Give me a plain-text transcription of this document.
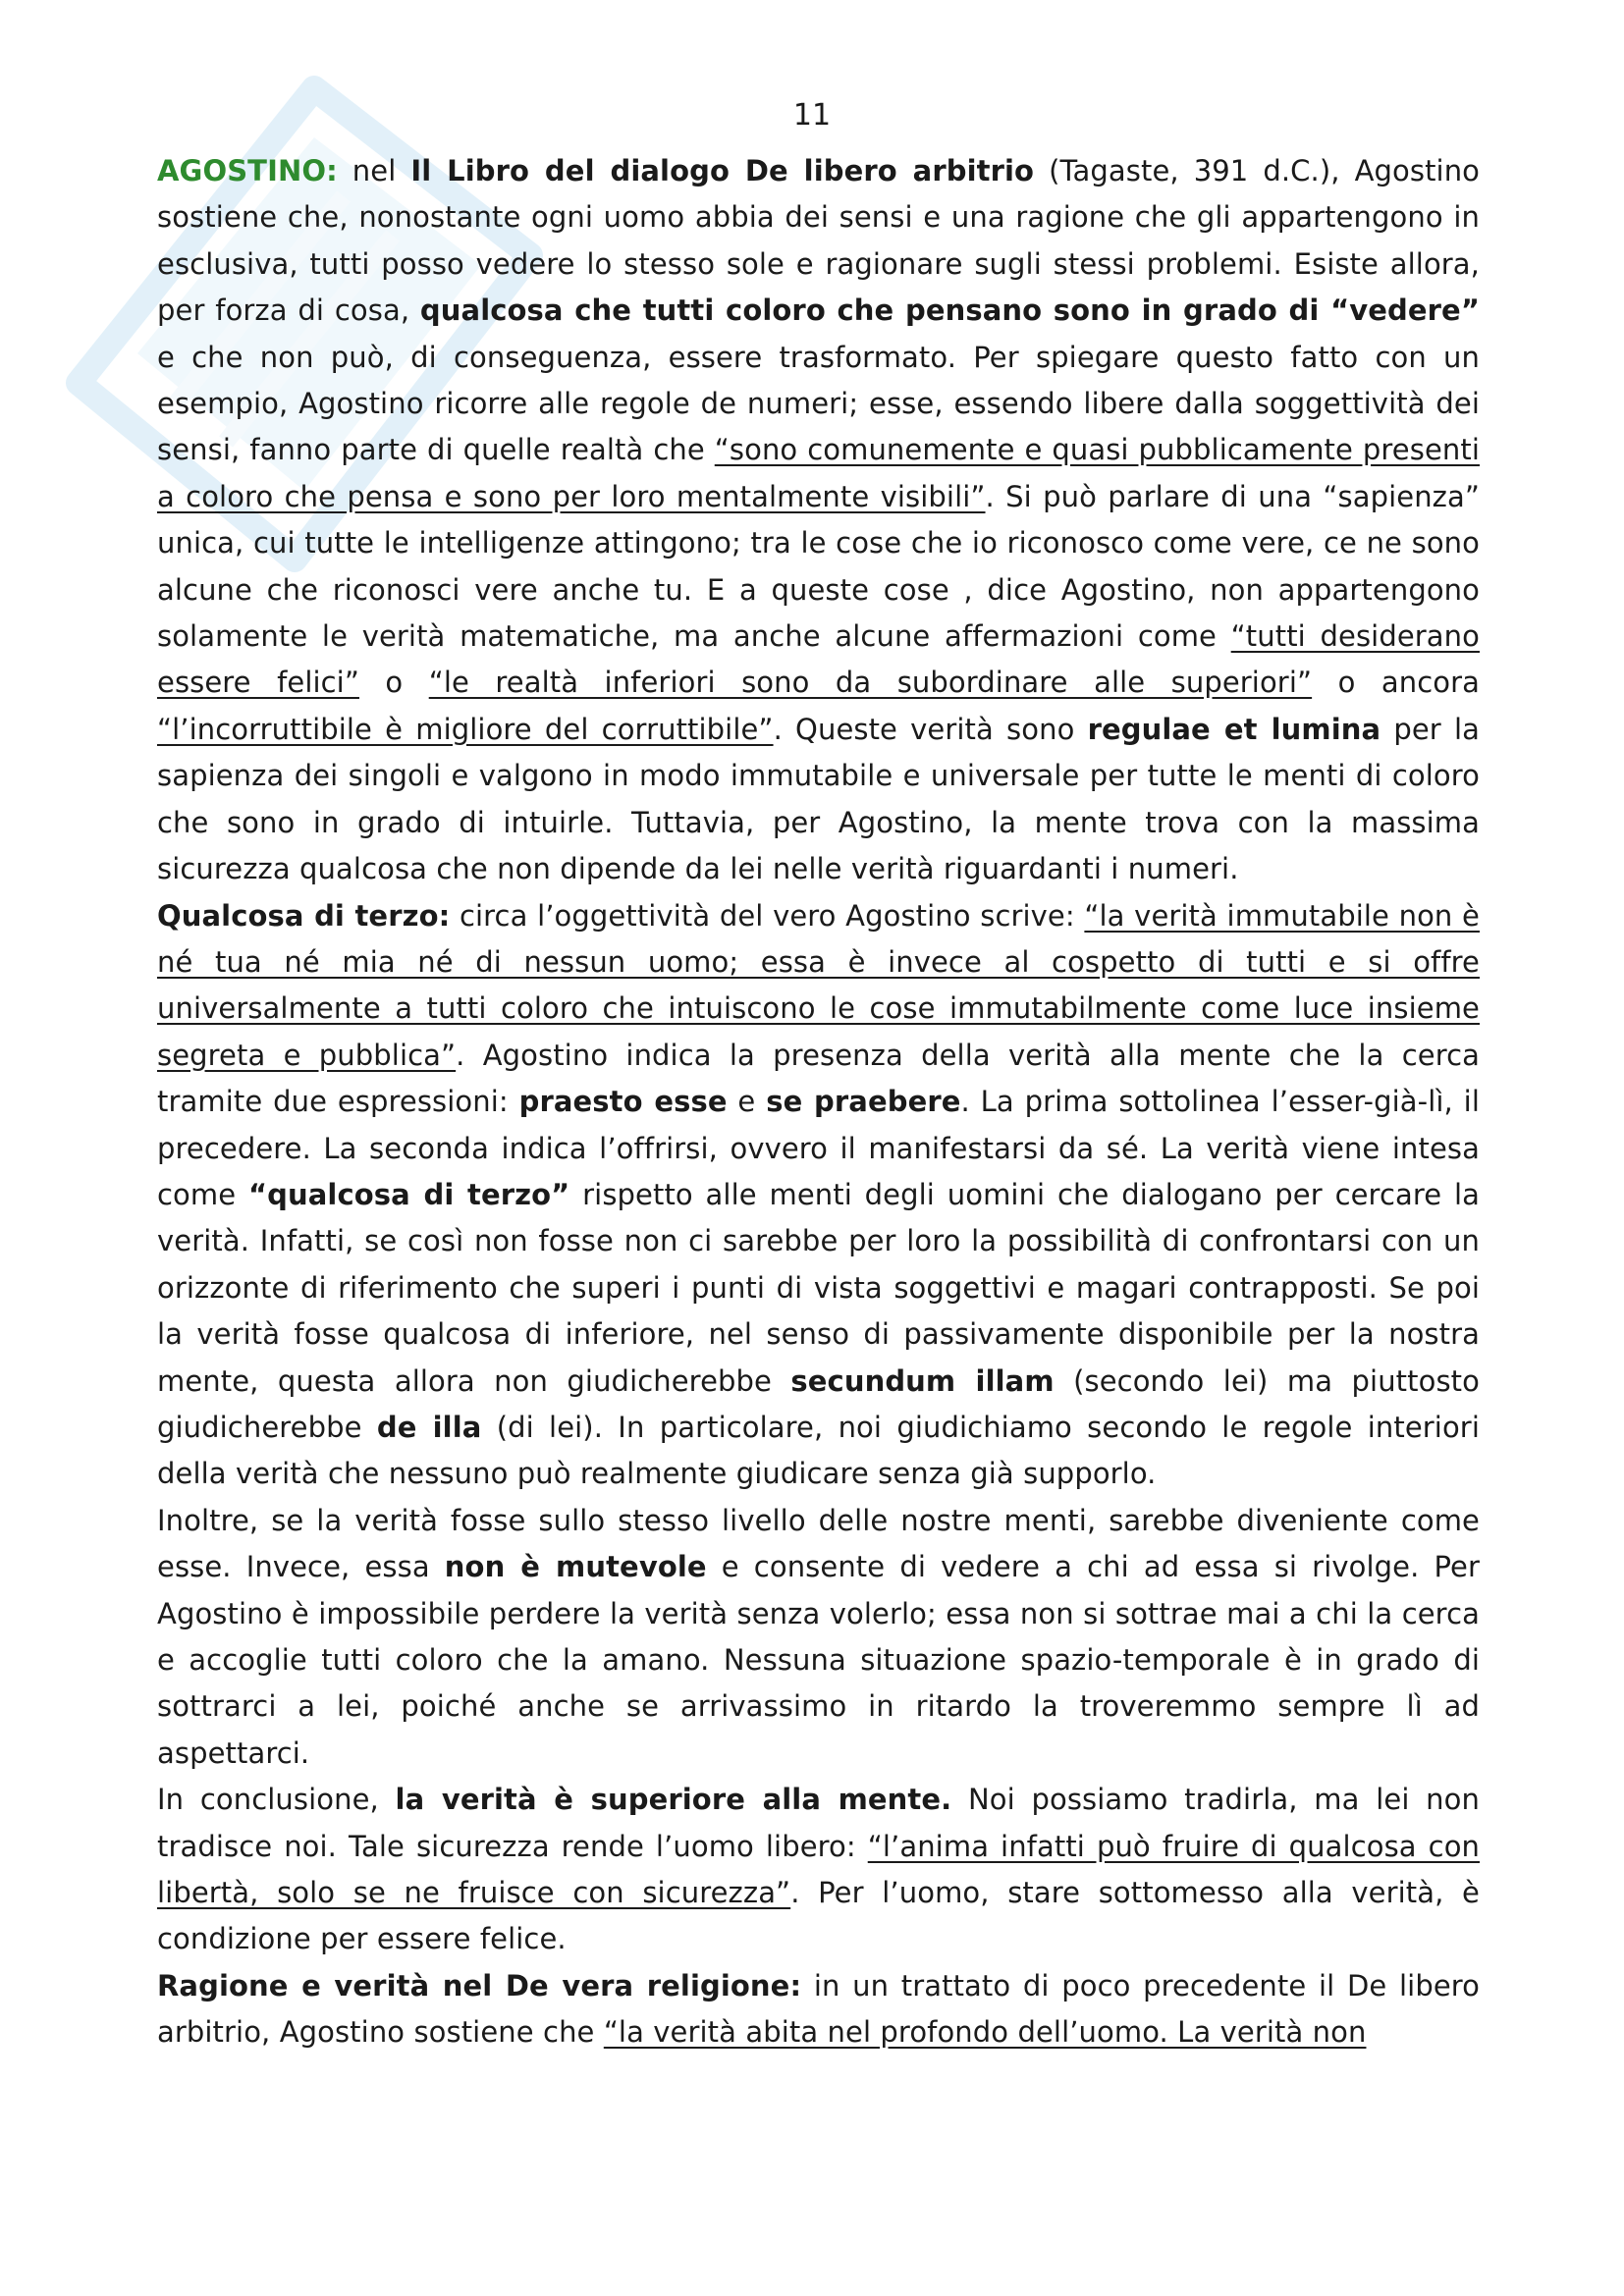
11

AGOSTINO: nel Il Libro del dialogo De libero arbitrio (Tagaste, 391 d.C.), Agostino sostiene che, nonostante ogni uomo abbia dei sensi e una ragione che gli appartengono in esclusiva, tutti posso vedere lo stesso sole e ragionare sugli stessi problemi. Esiste allora, per forza di cosa, qualcosa che tutti coloro che pensano sono in grado di “vedere” e che non può, di conseguenza, essere trasformato. Per spiegare questo fatto con un esempio, Agostino ricorre alle regole de numeri; esse, essendo libere dalla soggettività dei sensi, fanno parte di quelle realtà che “sono comunemente e quasi pubblicamente presenti a coloro che pensa e sono per loro mentalmente visibili”. Si può parlare di una “sapienza” unica, cui tutte le intelligenze attingono; tra le cose che io riconosco come vere, ce ne sono alcune che riconosci vere anche tu. E a queste cose , dice Agostino, non appartengono solamente le verità matematiche, ma anche alcune affermazioni come “tutti desiderano essere felici” o “le realtà inferiori sono da subordinare alle superiori” o ancora “l’incorruttibile è migliore del corruttibile”. Queste verità sono regulae et lumina per la sapienza dei singoli e valgono in modo immutabile e universale per tutte le menti di coloro che sono in grado di intuirle. Tuttavia, per Agostino, la mente trova con la massima sicurezza qualcosa che non dipende da lei nelle verità riguardanti i numeri.

Qualcosa di terzo: circa l’oggettività del vero Agostino scrive: “la verità immutabile non è né tua né mia né di nessun uomo; essa è invece al cospetto di tutti e si offre universalmente a tutti coloro che intuiscono le cose immutabilmente come luce insieme segreta e pubblica”. Agostino indica la presenza della verità alla mente che la cerca tramite due espressioni: praesto esse e se praebere. La prima sottolinea l’esser-già-lì, il precedere. La seconda indica l’offrirsi, ovvero il manifestarsi da sé. La verità viene intesa come “qualcosa di terzo” rispetto alle menti degli uomini che dialogano per cercare la verità. Infatti, se così non fosse non ci sarebbe per loro la possibilità di confrontarsi con un orizzonte di riferimento che superi i punti di vista soggettivi e magari contrapposti. Se poi la verità fosse qualcosa di inferiore, nel senso di passivamente disponibile per la nostra mente, questa allora non giudicherebbe secundum illam (secondo lei) ma piuttosto giudicherebbe de illa (di lei). In particolare, noi giudichiamo secondo le regole interiori della verità che nessuno può realmente giudicare senza già supporlo.

Inoltre, se la verità fosse sullo stesso livello delle nostre menti, sarebbe diveniente come esse. Invece, essa non è mutevole e consente di vedere a chi ad essa si rivolge. Per Agostino è impossibile perdere la verità senza volerlo; essa non si sottrae mai a chi la cerca e accoglie tutti coloro che la amano. Nessuna situazione spazio-temporale è in grado di sottrarci a lei, poiché anche se arrivassimo in ritardo la troveremmo sempre lì ad aspettarci.

In conclusione, la verità è superiore alla mente. Noi possiamo tradirla, ma lei non tradisce noi. Tale sicurezza rende l’uomo libero: “l’anima infatti può fruire di qualcosa con libertà, solo se ne fruisce con sicurezza”. Per l’uomo, stare sottomesso alla verità, è condizione per essere felice.

Ragione e verità nel De vera religione: in un trattato di poco precedente il De libero arbitrio, Agostino sostiene che “la verità abita nel profondo dell’uomo. La verità non
